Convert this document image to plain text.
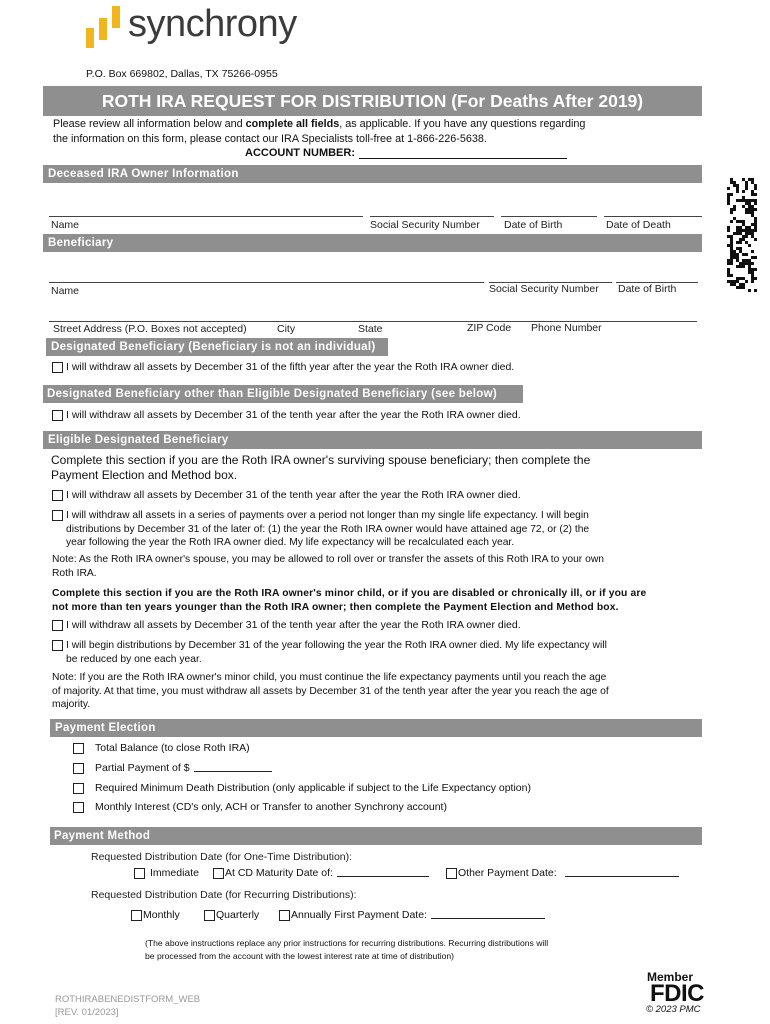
synchrony
P.O. Box 669802, Dallas, TX 75266-0955
ROTH IRA REQUEST FOR DISTRIBUTION (For Deaths After 2019)
Please review all information below and complete all fields, as applicable. If you have any questions regarding
the information on this form, please contact our IRA Specialists toll-free at 1-866-226-5638.
ACCOUNT NUMBER:
Deceased IRA Owner Information
Name	Social Security Number Date of Birth	Date of Death
Beneficiary
Name	Social Security Number Date of Birth
Street Address (P.O. Boxes not accepted)	City	State	ZIP Code Phone Number
Designated Beneficiary (Beneficiary is not an individual)
I will withdraw all assets by December 31 of the fifth year after the year the Roth IRA owner died.
Designated Beneficiary other than Eligible Designated Beneficiary (see below)
I will withdraw all assets by December 31 of the tenth year after the year the Roth IRA owner died.
Eligible Designated Beneficiary
Complete this section if you are the Roth IRA owner's surviving spouse beneficiary; then complete the
Payment Election and Method box.
I will withdraw all assets by December 31 of the tenth year after the year the Roth IRA owner died.
I will withdraw all assets in a series of payments over a period not longer than my single life expectancy. I will begin
distributions by December 31 of the later of: (1) the year the Roth IRA owner would have attained age 72, or (2) the
year following the year the Roth IRA owner died. My life expectancy will be recalculated each year.
Note: As the Roth IRA owner's spouse, you may be allowed to roll over or transfer the assets of this Roth IRA to your own
Roth IRA.
Complete this section if you are the Roth IRA owner's minor child, or if you are disabled or chronically ill, or if you are
not more than ten years younger than the Roth IRA owner; then complete the Payment Election and Method box.
I will withdraw all assets by December 31 of the tenth year after the year the Roth IRA owner died.
I will begin distributions by December 31 of the year following the year the Roth IRA owner died. My life expectancy will
be reduced by one each year.
Note: If you are the Roth IRA owner's minor child, you must continue the life expectancy payments until you reach the age
of majority. At that time, you must withdraw all assets by December 31 of the tenth year after the year you reach the age of
majority.
Payment Election
Total Balance (to close Roth IRA)
Partial Payment of $
Required Minimum Death Distribution (only applicable if subject to the Life Expectancy option)
Monthly Interest (CD's only, ACH or Transfer to another Synchrony account)
Payment Method
Requested Distribution Date (for One-Time Distribution):
Immediate At CD Maturity Date of:	Other Payment Date:
Requested Distribution Date (for Recurring Distributions):
Monthly	Quarterly	Annually First Payment Date:
(The above instructions replace any prior instructions for recurring distributions. Recurring distributions will
be processed from the account with the lowest interest rate at time of distribution)
ROTHIRABENEDISTFORM_WEB
[REV. 01/2023]
Member
FDIC
© 2023 PMC
